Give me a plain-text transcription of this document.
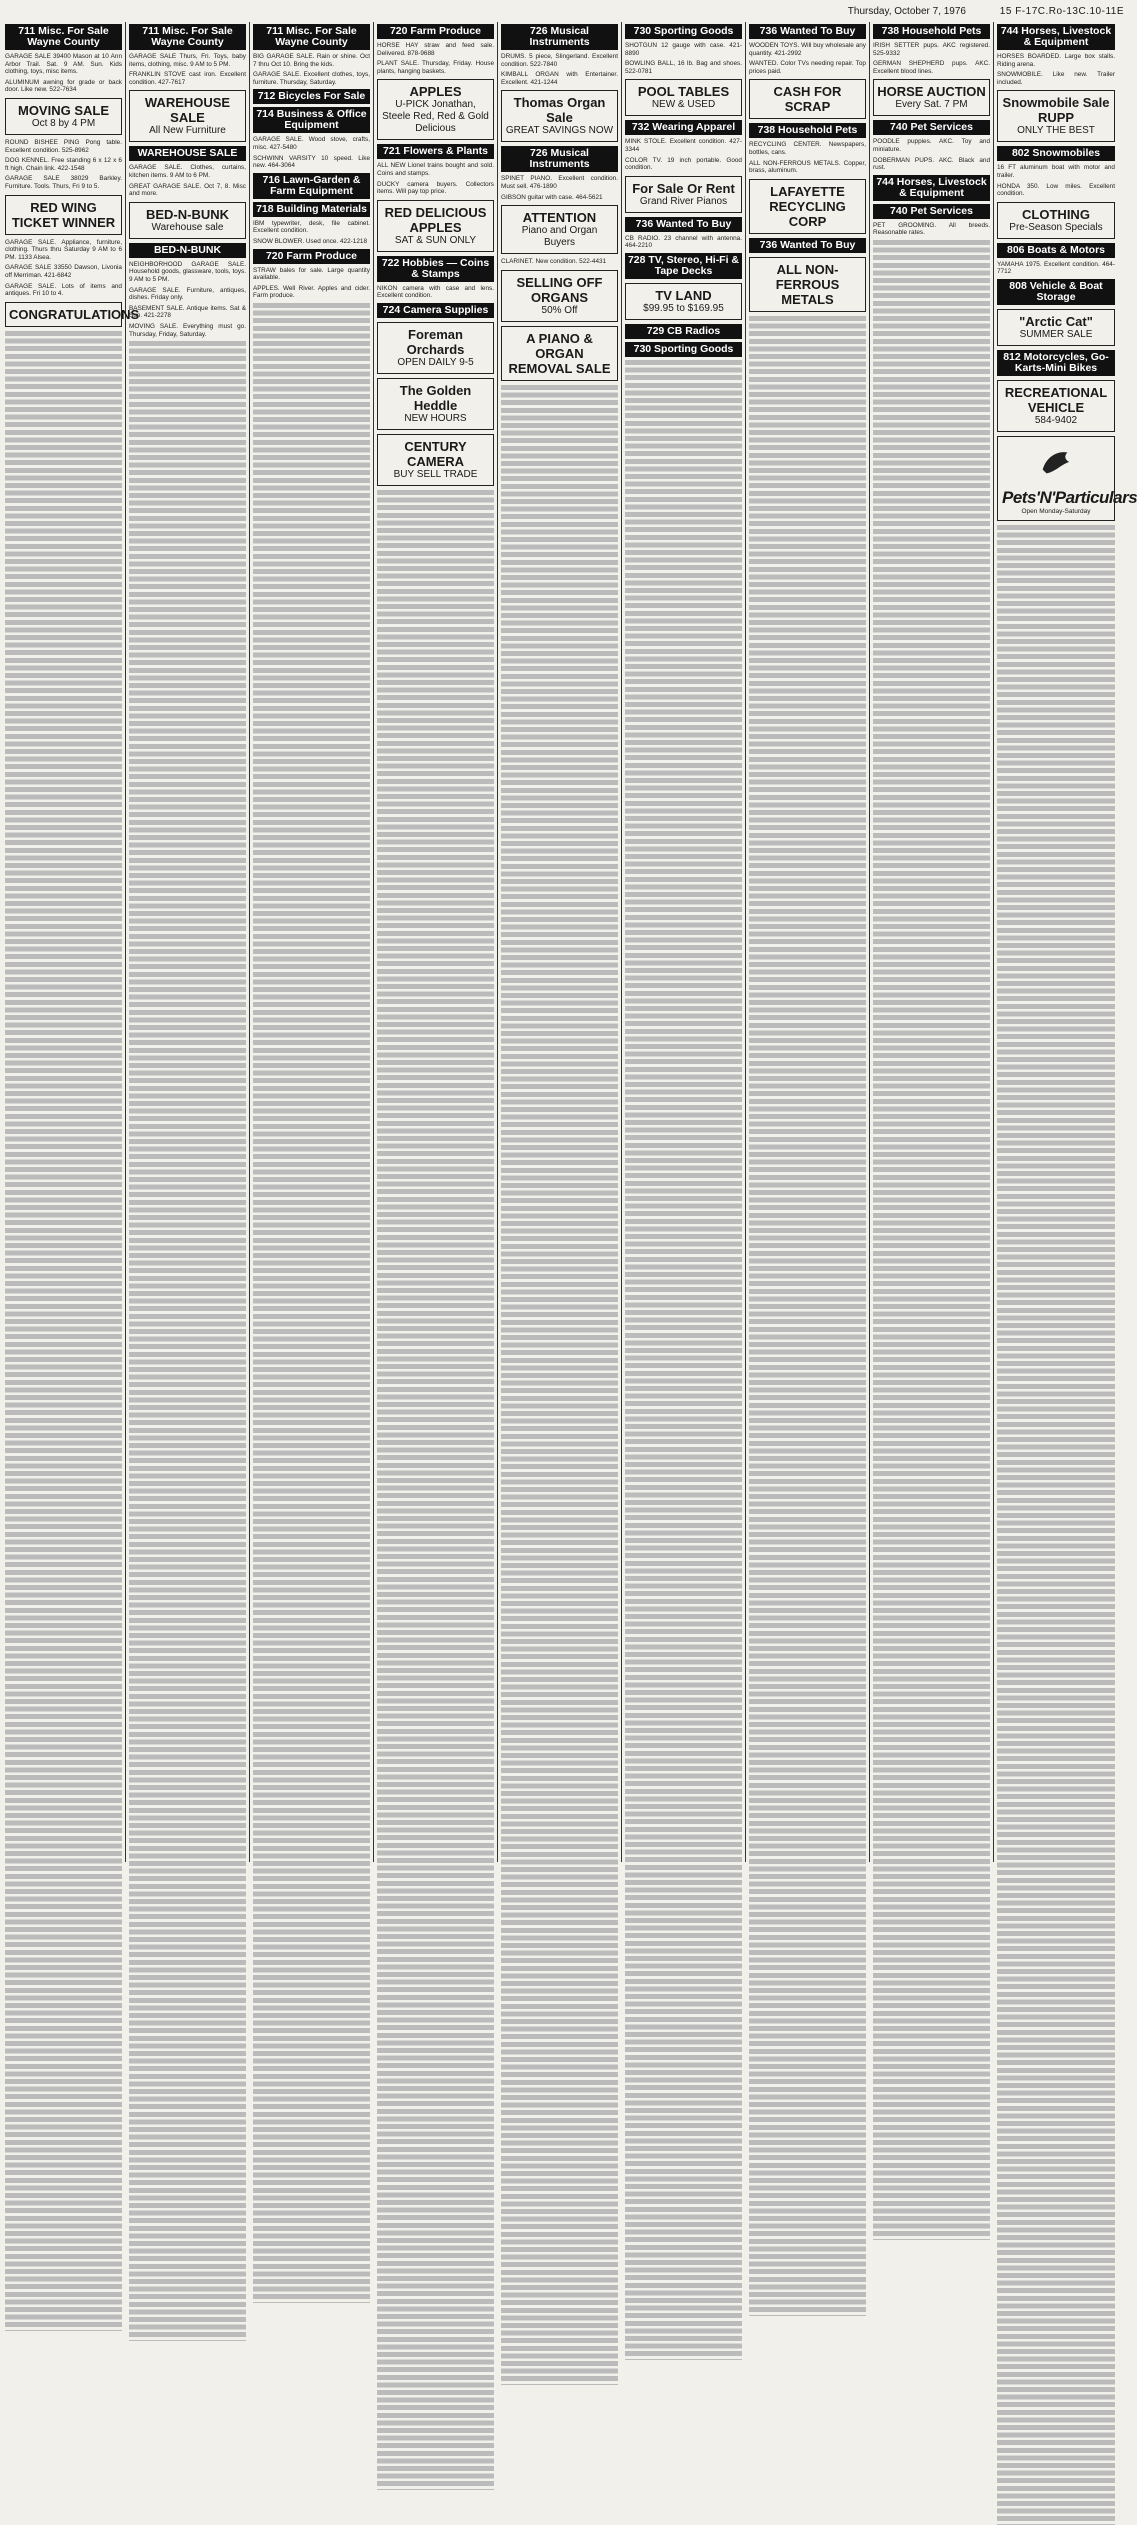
Thursday, October 7, 1976	15 F-17C.Ro-13C.10-11E
711 Misc. For Sale Wayne County
GARAGE SALE 39400 Mason at 10 Ann Arbor Trail. Sat. 9 AM. Sun. Kids clothing, toys, misc items.
ALUMINUM awning for grade or back door. Like new. 522-7634
MOVING SALE
Oct 8 by 4 PM
ROUND BISHEE PING Pong table. Excellent condition. 525-8962
DOG KENNEL. Free standing 6 x 12 x 6 ft high. Chain link. 422-1548
GARAGE SALE 38029 Barkley. Furniture. Tools. Thurs, Fri 9 to 5.
RED WING TICKET WINNER
GARAGE SALE. Appliance, furniture, clothing. Thurs thru Saturday 9 AM to 6 PM. 1133 Alsea.
GARAGE SALE 33550 Dawson, Livonia off Merriman. 421-6842
GARAGE SALE. Lots of items and antiques. Fri 10 to 4.
CONGRATULATIONS
711 Misc. For Sale Wayne County
GARAGE SALE Thurs, Fri. Toys, baby items, clothing, misc. 9 AM to 5 PM.
FRANKLIN STOVE cast iron. Excellent condition. 427-7617
WAREHOUSE SALE
All New Furniture
WAREHOUSE SALE
GARAGE SALE. Clothes, curtains, kitchen items. 9 AM to 6 PM.
GREAT GARAGE SALE. Oct 7, 8. Misc and more.
BED-N-BUNK
Warehouse sale
BED-N-BUNK
NEIGHBORHOOD GARAGE SALE. Household goods, glassware, tools, toys. 9 AM to 5 PM.
GARAGE SALE. Furniture, antiques, dishes. Friday only.
BASEMENT SALE. Antique items. Sat & Sun. 421-2278
MOVING SALE. Everything must go. Thursday, Friday, Saturday.
711 Misc. For Sale Wayne County
BIG GARAGE SALE. Rain or shine. Oct 7 thru Oct 10. Bring the kids.
GARAGE SALE. Excellent clothes, toys, furniture. Thursday, Saturday.
712 Bicycles For Sale
714 Business & Office Equipment
GARAGE SALE. Wood stove, crafts, misc. 427-5480
SCHWINN VARSITY 10 speed. Like new. 464-3064
716 Lawn-Garden & Farm Equipment
718 Building Materials
IBM typewriter, desk, file cabinet. Excellent condition.
SNOW BLOWER. Used once. 422-1218
720 Farm Produce
STRAW bales for sale. Large quantity available.
APPLES. Well River. Apples and cider. Farm produce.
720 Farm Produce
HORSE HAY straw and feed sale. Delivered. 878-9688
PLANT SALE. Thursday, Friday. House plants, hanging baskets.
APPLES
U-PICK Jonathan, Steele Red, Red & Gold Delicious
721 Flowers & Plants
ALL NEW Lionel trains bought and sold. Coins and stamps.
DUCKY camera buyers. Collectors items. Will pay top price.
RED DELICIOUS APPLES
SAT & SUN ONLY
722 Hobbies — Coins & Stamps
NIKON camera with case and lens. Excellent condition.
724 Camera Supplies
Foreman Orchards
OPEN DAILY 9-5
The Golden Heddle
NEW HOURS
CENTURY CAMERA
BUY SELL TRADE
726 Musical Instruments
DRUMS. 5 piece, Slingerland. Excellent condition. 522-7840
KIMBALL ORGAN with Entertainer. Excellent. 421-1244
Thomas Organ Sale
GREAT SAVINGS NOW
726 Musical Instruments
SPINET PIANO. Excellent condition. Must sell. 476-1890
GIBSON guitar with case. 464-5621
ATTENTION
Piano and Organ Buyers
CLARINET. New condition. 522-4431
SELLING OFF ORGANS
50% Off
A PIANO & ORGAN REMOVAL SALE
730 Sporting Goods
SHOTGUN 12 gauge with case. 421-8890
BOWLING BALL, 16 lb. Bag and shoes. 522-0781
POOL TABLES
NEW & USED
732 Wearing Apparel
MINK STOLE. Excellent condition. 427-3344
COLOR TV. 19 inch portable. Good condition.
For Sale Or Rent
Grand River Pianos
736 Wanted To Buy
CB RADIO. 23 channel with antenna. 464-2210
728 TV, Stereo, Hi-Fi & Tape Decks
TV LAND
$99.95 to $169.95
729 CB Radios
730 Sporting Goods
736 Wanted To Buy
WOODEN TOYS. Will buy wholesale any quantity. 421-2992
WANTED. Color TVs needing repair. Top prices paid.
CASH FOR SCRAP
738 Household Pets
RECYCLING CENTER. Newspapers, bottles, cans.
ALL NON-FERROUS METALS. Copper, brass, aluminum.
LAFAYETTE RECYCLING CORP
736 Wanted To Buy
ALL NON-FERROUS METALS
738 Household Pets
IRISH SETTER pups. AKC registered. 525-9332
GERMAN SHEPHERD pups. AKC. Excellent blood lines.
HORSE AUCTION
Every Sat. 7 PM
740 Pet Services
POODLE puppies. AKC. Toy and miniature.
DOBERMAN PUPS. AKC. Black and rust.
744 Horses, Livestock & Equipment
740 Pet Services
PET GROOMING. All breeds. Reasonable rates.
744 Horses, Livestock & Equipment
HORSES BOARDED. Large box stalls. Riding arena.
SNOWMOBILE. Like new. Trailer included.
Snowmobile Sale RUPP
ONLY THE BEST
802 Snowmobiles
16 FT aluminum boat with motor and trailer.
HONDA 350. Low miles. Excellent condition.
CLOTHING
Pre-Season Specials
806 Boats & Motors
YAMAHA 1975. Excellent condition. 464-7712
808 Vehicle & Boat Storage
"Arctic Cat"
SUMMER SALE
812 Motorcycles, Go-Karts-Mini Bikes
RECREATIONAL VEHICLE
584-9402
Pets'N'Particulars
Open Monday-Saturday
